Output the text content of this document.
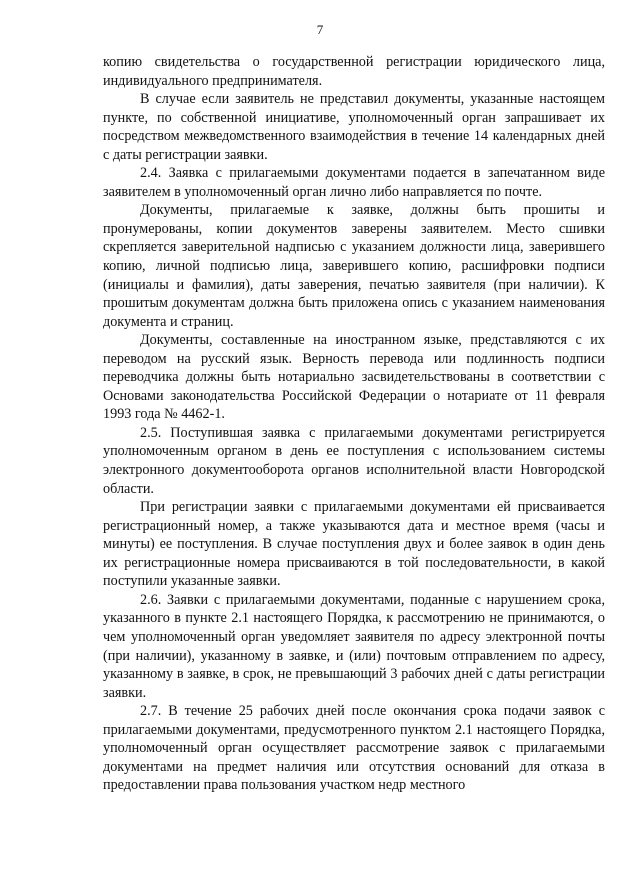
7

копию свидетельства о государственной регистрации юридического лица, индивидуального предпринимателя.

В случае если заявитель не представил документы, указанные настоящем пункте, по собственной инициативе, уполномоченный орган запрашивает их посредством межведомственного взаимодействия в течение 14 календарных дней с даты регистрации заявки.

2.4. Заявка с прилагаемыми документами подается в запечатанном виде заявителем в уполномоченный орган лично либо направляется по почте.

Документы, прилагаемые к заявке, должны быть прошиты и пронумерованы, копии документов заверены заявителем. Место сшивки скрепляется заверительной надписью с указанием должности лица, заверившего копию, личной подписью лица, заверившего копию, расшифровки подписи (инициалы и фамилия), даты заверения, печатью заявителя (при наличии). К прошитым документам должна быть приложена опись с указанием наименования документа и страниц.

Документы, составленные на иностранном языке, представляются с их переводом на русский язык. Верность перевода или подлинность подписи переводчика должны быть нотариально засвидетельствованы в соответствии с Основами законодательства Российской Федерации о нотариате от 11 февраля 1993 года № 4462-1.

2.5. Поступившая заявка с прилагаемыми документами регистрируется уполномоченным органом в день ее поступления с использованием системы электронного документооборота органов исполнительной власти Новгородской области.

При регистрации заявки с прилагаемыми документами ей присваивается регистрационный номер, а также указываются дата и местное время (часы и минуты) ее поступления. В случае поступления двух и более заявок в один день их регистрационные номера присваиваются в той последовательности, в какой поступили указанные заявки.

2.6. Заявки с прилагаемыми документами, поданные с нарушением срока, указанного в пункте 2.1 настоящего Порядка, к рассмотрению не принимаются, о чем уполномоченный орган уведомляет заявителя по адресу электронной почты (при наличии), указанному в заявке, и (или) почтовым отправлением по адресу, указанному в заявке, в срок, не превышающий 3 рабочих дней с даты регистрации заявки.

2.7. В течение 25 рабочих дней после окончания срока подачи заявок с прилагаемыми документами, предусмотренного пунктом 2.1 настоящего Порядка, уполномоченный орган осуществляет рассмотрение заявок с прилагаемыми документами на предмет наличия или отсутствия оснований для отказа в предоставлении права пользования участком недр местного
